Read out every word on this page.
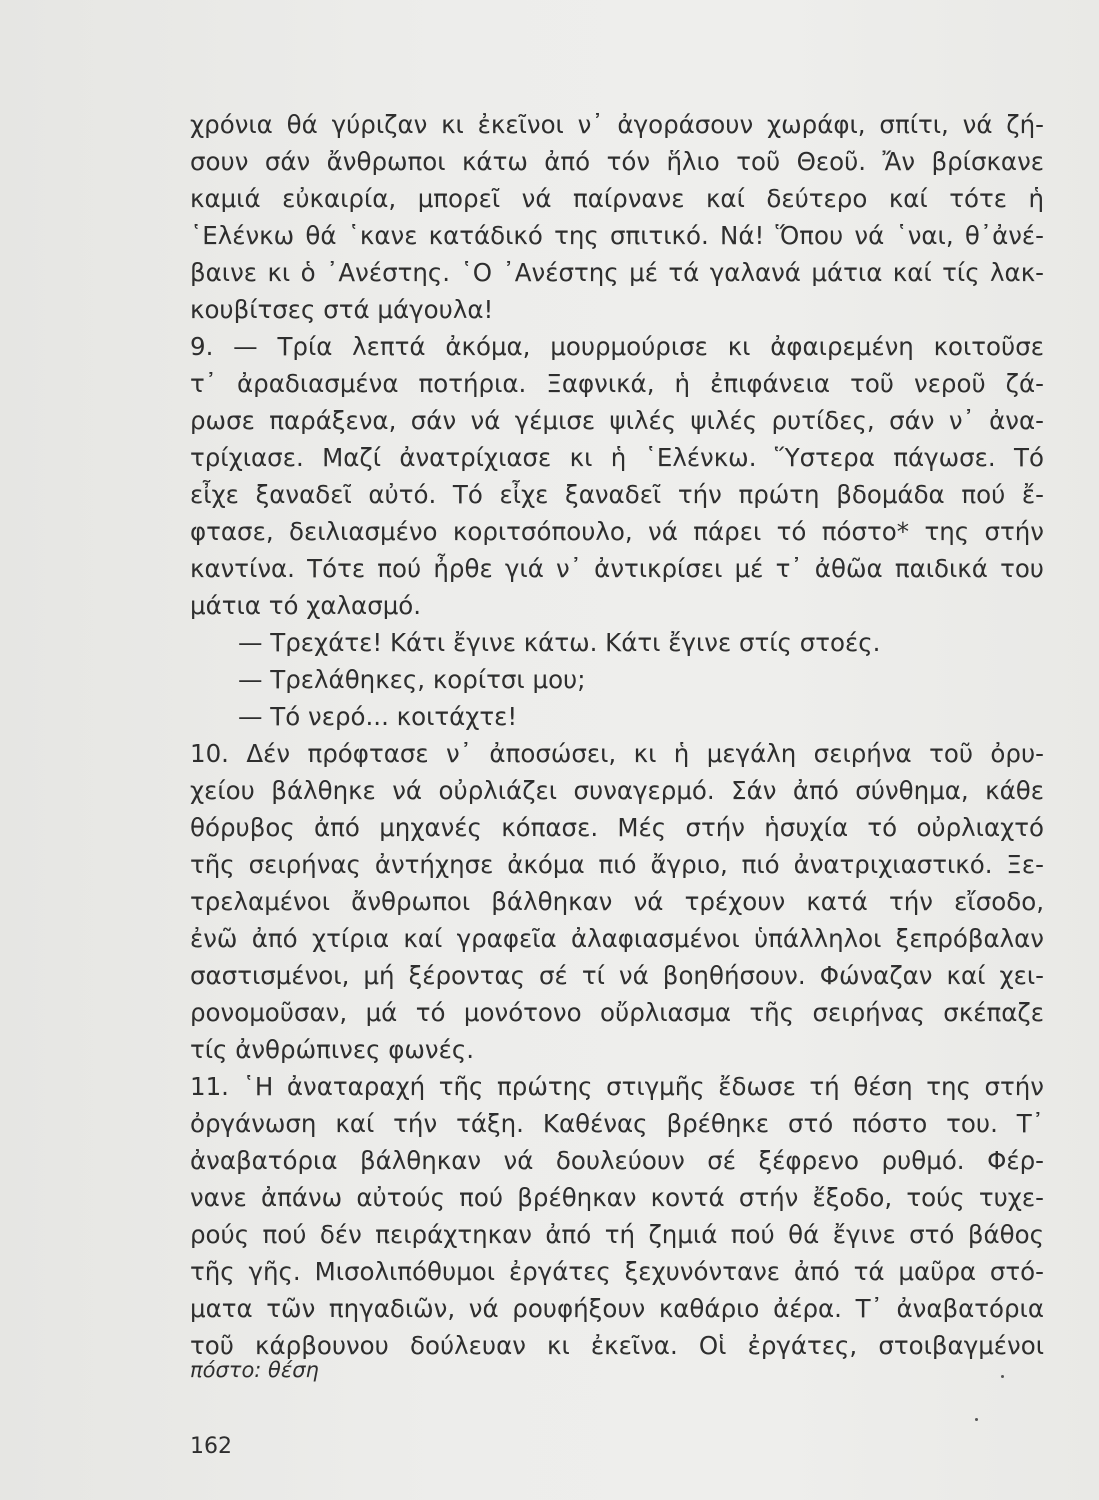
χρόνια θά γύριζαν κι ἐκεῖνοι ν᾽ ἀγοράσουν χωράφι, σπίτι, νά ζή-
σουν σάν ἄνθρωποι κάτω ἀπό τόν ἥλιο τοῦ Θεοῦ. Ἄν βρίσκανε
καμιά εὐκαιρία, μπορεῖ νά παίρνανε καί δεύτερο καί τότε ἡ
῾Ελένκω θά ῾κανε κατάδικό της σπιτικό. Νά! Ὅπου νά ῾ναι, θ᾽ἀνέ-
βαινε κι ὁ ᾽Ανέστης. ῾Ο ᾽Ανέστης μέ τά γαλανά μάτια καί τίς λακ-
κουβίτσες στά μάγουλα!
9. — Τρία λεπτά ἀκόμα, μουρμούρισε κι ἀφαιρεμένη κοιτοῦσε
τ᾽ ἀραδιασμένα ποτήρια. Ξαφνικά, ἡ ἐπιφάνεια τοῦ νεροῦ ζά-
ρωσε παράξενα, σάν νά γέμισε ψιλές ψιλές ρυτίδες, σάν ν᾽ ἀνα-
τρίχιασε. Μαζί ἀνατρίχιασε κι ἡ ῾Ελένκω. Ὕστερα πάγωσε. Τό
εἶχε ξαναδεῖ αὐτό. Τό εἶχε ξαναδεῖ τήν πρώτη βδομάδα πού ἔ-
φτασε, δειλιασμένο κοριτσόπουλο, νά πάρει τό πόστο* της στήν
καντίνα. Τότε πού ἦρθε γιά ν᾽ ἀντικρίσει μέ τ᾽ ἀθῶα παιδικά του
μάτια τό χαλασμό.
— Τρεχάτε! Κάτι ἔγινε κάτω. Κάτι ἔγινε στίς στοές.
— Τρελάθηκες, κορίτσι μου;
— Τό νερό... κοιτάχτε!
10. Δέν πρόφτασε ν᾽ ἀποσώσει, κι ἡ μεγάλη σειρήνα τοῦ ὀρυ-
χείου βάλθηκε νά οὐρλιάζει συναγερμό. Σάν ἀπό σύνθημα, κάθε
θόρυβος ἀπό μηχανές κόπασε. Μές στήν ἡσυχία τό οὐρλιαχτό
τῆς σειρήνας ἀντήχησε ἀκόμα πιό ἄγριο, πιό ἀνατριχιαστικό. Ξε-
τρελαμένοι ἄνθρωποι βάλθηκαν νά τρέχουν κατά τήν εἴσοδο,
ἐνῶ ἀπό χτίρια καί γραφεῖα ἀλαφιασμένοι ὑπάλληλοι ξεπρόβαλαν
σαστισμένοι, μή ξέροντας σέ τί νά βοηθήσουν. Φώναζαν καί χει-
ρονομοῦσαν, μά τό μονότονο οὔρλιασμα τῆς σειρήνας σκέπαζε
τίς ἀνθρώπινες φωνές.
11. ῾Η ἀναταραχή τῆς πρώτης στιγμῆς ἔδωσε τή θέση της στήν
ὀργάνωση καί τήν τάξη. Καθένας βρέθηκε στό πόστο του. Τ᾽
ἀναβατόρια βάλθηκαν νά δουλεύουν σέ ξέφρενο ρυθμό. Φέρ-
νανε ἀπάνω αὐτούς πού βρέθηκαν κοντά στήν ἔξοδο, τούς τυχε-
ρούς πού δέν πειράχτηκαν ἀπό τή ζημιά πού θά ἔγινε στό βάθος
τῆς γῆς. Μισολιπόθυμοι ἐργάτες ξεχυνόντανε ἀπό τά μαῦρα στό-
ματα τῶν πηγαδιῶν, νά ρουφήξουν καθάριο ἀέρα. Τ᾽ ἀναβατόρια
τοῦ κάρβουνου δούλευαν κι ἐκεῖνα. Οἱ ἐργάτες, στοιβαγμένοι
πόστο: θέση
162
